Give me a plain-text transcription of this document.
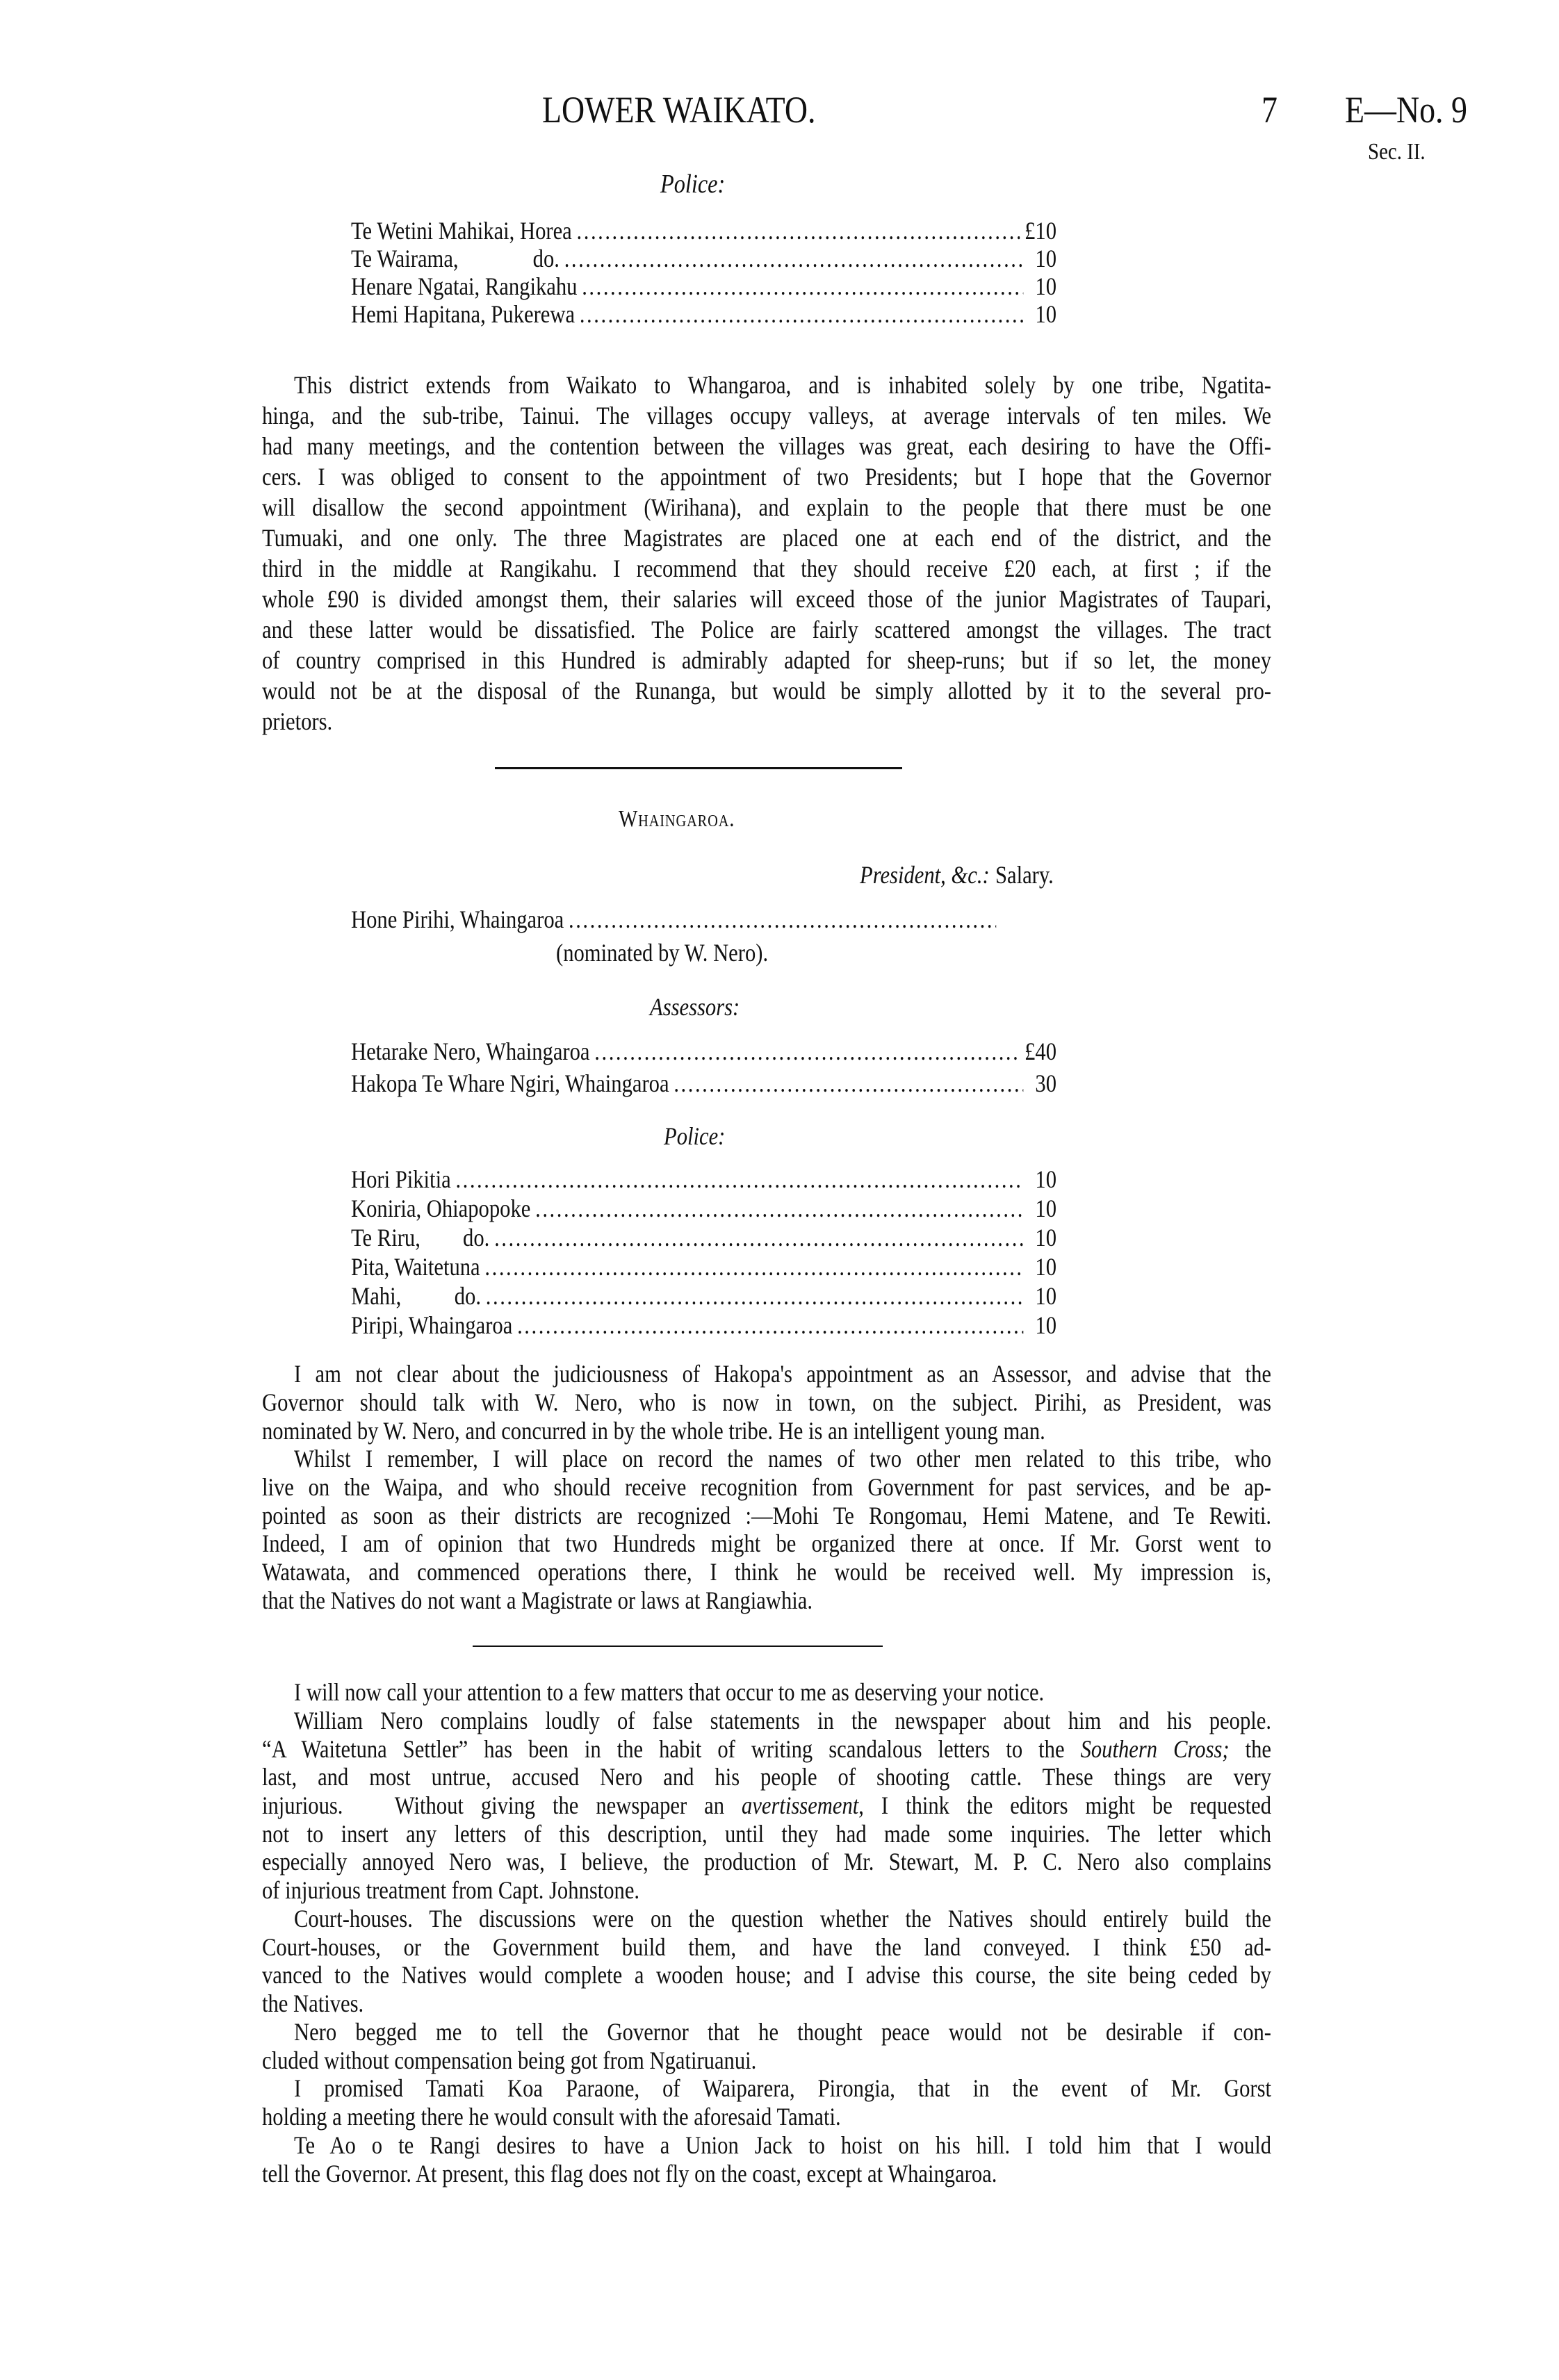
LOWER WAIKATO.	7 E—No. 9
Sec. II.
Police:
Te Wetini Mahikai, Horea .....	£10
Te Wairama,              do. .....	10
Henare Ngatai, Rangikahu .....	10
Hemi Hapitana, Pukerewa .....	10
This district extends from Waikato to Whangaroa, and is inhabited solely by one tribe, Ngatita-
hinga, and the sub-tribe, Tainui. The villages occupy valleys, at average intervals of ten miles. We
had many meetings, and the contention between the villages was great, each desiring to have the Offi-
cers. I was obliged to consent to the appointment of two Presidents; but I hope that the Governor
will disallow the second appointment (Wirihana), and explain to the people that there must be one
Tumuaki, and one only. The three Magistrates are placed one at each end of the district, and the
third in the middle at Rangikahu. I recommend that they should receive £20 each, at first ; if the
whole £90 is divided amongst them, their salaries will exceed those of the junior Magistrates of Taupari,
and these latter would be dissatisfied. The Police are fairly scattered amongst the villages. The tract
of country comprised in this Hundred is admirably adapted for sheep-runs; but if so let, the money
would not be at the disposal of the Runanga, but would be simply allotted by it to the several pro-
prietors.
Whaingaroa.
President, &c.: Salary.
Hone Pirihi, Whaingaroa
.....
(nominated by W. Nero).
Assessors:
Hetarake Nero, Whaingaroa .....	£40
Hakopa Te Whare Ngiri, Whaingaroa .....	30
Police:
Hori Pikitia .....	10
Koniria, Ohiapopoke .....	10
Te Riru,        do. .....	10
Pita, Waitetuna .....	10
Mahi,          do. .....	10
Piripi, Whaingaroa .....	10
I am not clear about the judiciousness of Hakopa's appointment as an Assessor, and advise that the
Governor should talk with W. Nero, who is now in town, on the subject. Pirihi, as President, was
nominated by W. Nero, and concurred in by the whole tribe. He is an intelligent young man.
Whilst I remember, I will place on record the names of two other men related to this tribe, who
live on the Waipa, and who should receive recognition from Government for past services, and be ap-
pointed as soon as their districts are recognized :—Mohi Te Rongomau, Hemi Matene, and Te Rewiti.
Indeed, I am of opinion that two Hundreds might be organized there at once. If Mr. Gorst went to
Watawata, and commenced operations there, I think he would be received well. My impression is,
that the Natives do not want a Magistrate or laws at Rangiawhia.
I will now call your attention to a few matters that occur to me as deserving your notice.
William Nero complains loudly of false statements in the newspaper about him and his people.
“A Waitetuna Settler” has been in the habit of writing scandalous letters to the Southern Cross; the
last, and most untrue, accused Nero and his people of shooting cattle. These things are very
injurious.   Without giving the newspaper an avertissement, I think the editors might be requested
not to insert any letters of this description, until they had made some inquiries. The letter which
especially annoyed Nero was, I believe, the production of Mr. Stewart, M. P. C. Nero also complains
of injurious treatment from Capt. Johnstone.
Court-houses. The discussions were on the question whether the Natives should entirely build the
Court-houses, or the Government build them, and have the land conveyed. I think £50 ad-
vanced to the Natives would complete a wooden house; and I advise this course, the site being ceded by
the Natives.
Nero begged me to tell the Governor that he thought peace would not be desirable if con-
cluded without compensation being got from Ngatiruanui.
I promised Tamati Koa Paraone, of Waiparera, Pirongia, that in the event of Mr. Gorst
holding a meeting there he would consult with the aforesaid Tamati.
Te Ao o te Rangi desires to have a Union Jack to hoist on his hill. I told him that I would
tell the Governor. At present, this flag does not fly on the coast, except at Whaingaroa.
